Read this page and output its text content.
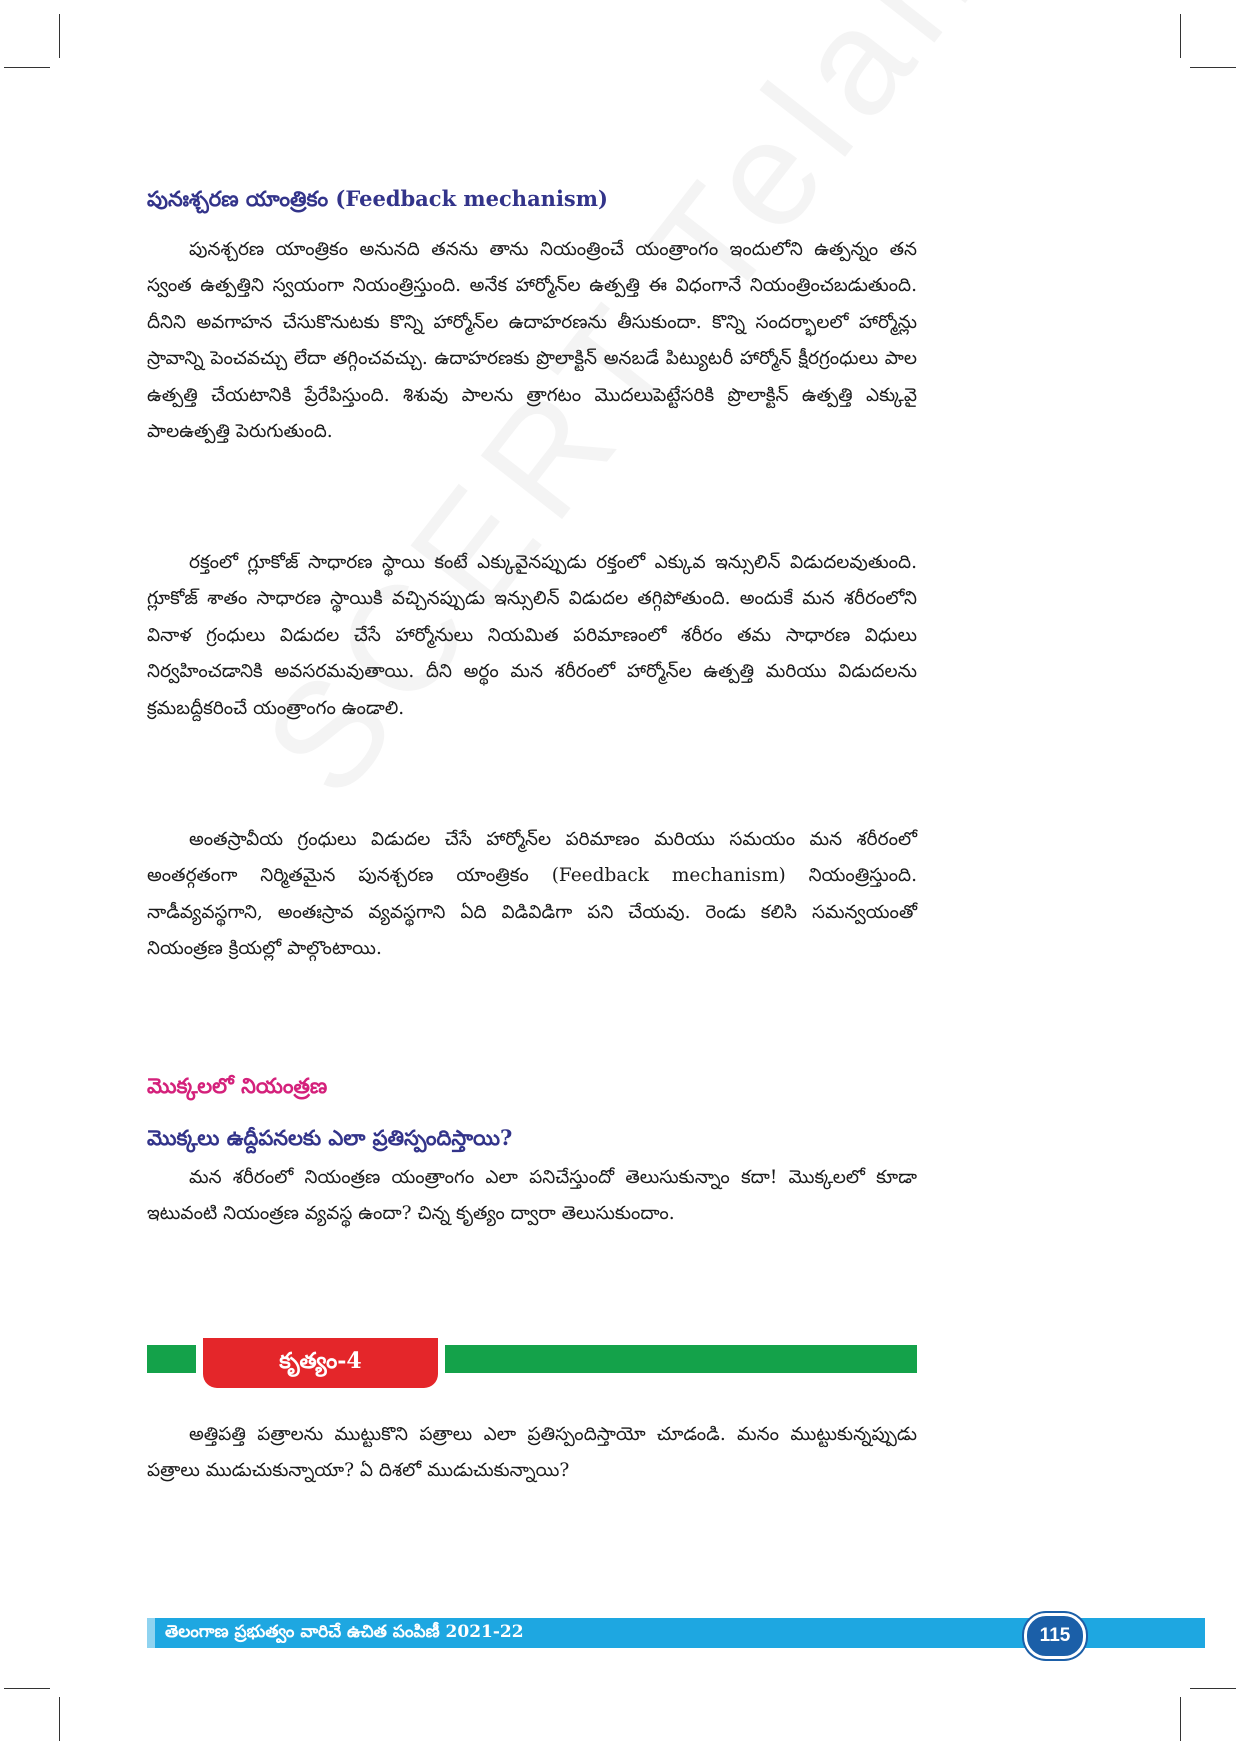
పునఃశ్చరణ యాంత్రికం (Feedback mechanism)

పునశ్చరణ యాంత్రికం అనునది తనను తాను నియంత్రించే యంత్రాంగం ఇందులోని ఉత్పన్నం తన స్వంత ఉత్పత్తిని స్వయంగా నియంత్రిస్తుంది. అనేక హార్మోన్‌ల ఉత్పత్తి ఈ విధంగానే నియంత్రించబడుతుంది. దీనిని అవగాహన చేసుకొనుటకు కొన్ని హార్మోన్‌ల ఉదాహరణను తీసుకుందా. కొన్ని సందర్భాలలో హార్మోన్లు స్రావాన్ని పెంచవచ్చు లేదా తగ్గించవచ్చు. ఉదాహరణకు ప్రొలాక్టిన్ అనబడే పిట్యుటరీ హార్మోన్ క్షీరగ్రంధులు పాల ఉత్పత్తి చేయటానికి ప్రేరేపిస్తుంది. శిశువు పాలను త్రాగటం మొదలుపెట్టేసరికి ప్రొలాక్టిన్ ఉత్పత్తి ఎక్కువై పాలఉత్పత్తి పెరుగుతుంది.

రక్తంలో గ్లూకోజ్ సాధారణ స్థాయి కంటే ఎక్కువైనప్పుడు రక్తంలో ఎక్కువ ఇన్సులిన్ విడుదలవుతుంది. గ్లూకోజ్ శాతం సాధారణ స్థాయికి వచ్చినప్పుడు ఇన్సులిన్ విడుదల తగ్గిపోతుంది. అందుకే మన శరీరంలోని వినాళ గ్రంధులు విడుదల చేసే హార్మోనులు నియమిత పరిమాణంలో శరీరం తమ సాధారణ విధులు నిర్వహించడానికి అవసరమవుతాయి. దీని అర్థం మన శరీరంలో హార్మోన్‌ల ఉత్పత్తి మరియు విడుదలను క్రమబద్దీకరించే యంత్రాంగం ఉండాలి.

అంతస్రావీయ గ్రంధులు విడుదల చేసే హార్మోన్‌ల పరిమాణం మరియు సమయం మన శరీరంలో అంతర్గతంగా నిర్మితమైన పునశ్చరణ యాంత్రికం (Feedback mechanism) నియంత్రిస్తుంది. నాడీవ్యవస్థగాని, అంతఃస్రావ వ్యవస్థగాని ఏది విడివిడిగా పని చేయవు. రెండు కలిసి సమన్వయంతో నియంత్రణ క్రియల్లో పాల్గొంటాయి.

మొక్కలలో నియంత్రణ
మొక్కలు ఉద్దీపనలకు ఎలా ప్రతిస్పందిస్తాయి?

మన శరీరంలో నియంత్రణ యంత్రాంగం ఎలా పనిచేస్తుందో తెలుసుకున్నాం కదా! మొక్కలలో కూడా ఇటువంటి నియంత్రణ వ్యవస్థ ఉందా? చిన్న కృత్యం ద్వారా తెలుసుకుందాం.

కృత్యం-4

అత్తిపత్తి పత్రాలను ముట్టుకొని పత్రాలు ఎలా ప్రతిస్పందిస్తాయో చూడండి. మనం ముట్టుకున్నప్పుడు పత్రాలు ముడుచుకున్నాయా? ఏ దిశలో ముడుచుకున్నాయి?

తెలంగాణ ప్రభుత్వం వారిచే ఉచిత పంపిణీ 2021-22	115
